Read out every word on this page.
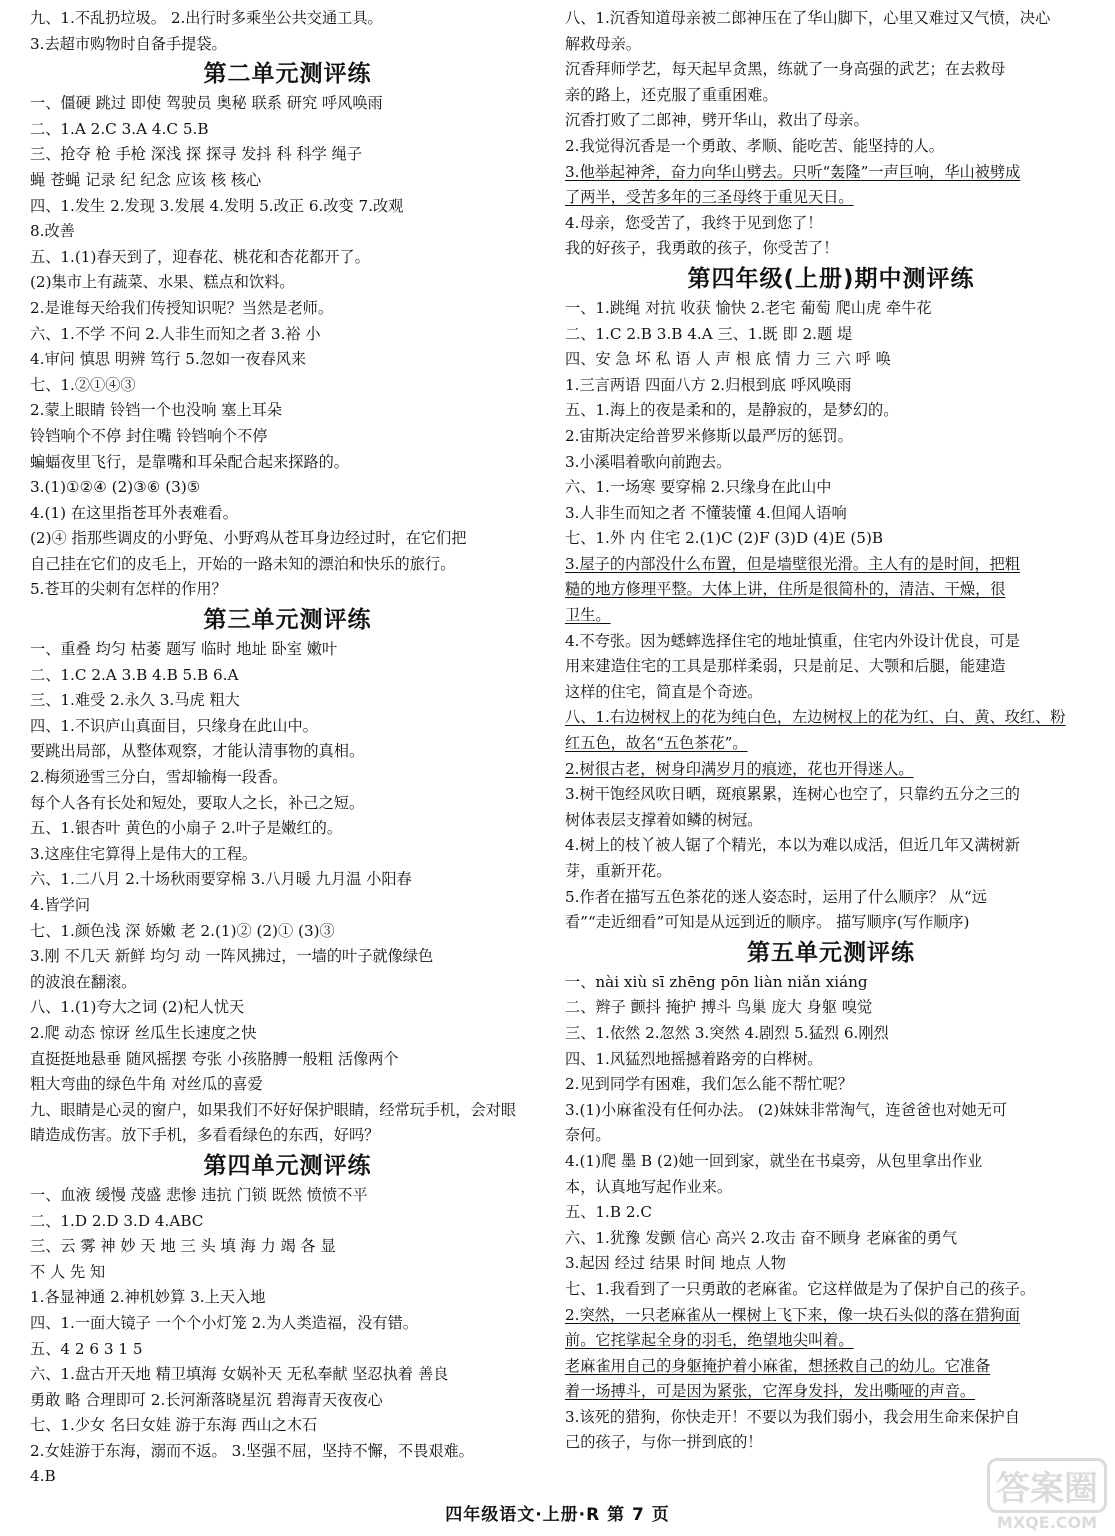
九、1.不乱扔垃圾。 2.出行时多乘坐公共交通工具。
3.去超市购物时自备手提袋。
第二单元测评练
一、僵硬 跳过 即使 驾驶员 奥秘 联系 研究 呼风唤雨
二、1.A 2.C 3.A 4.C 5.B
三、抢夺 枪 手枪 深浅 探 探寻 发抖 科 科学 绳子
蝇 苍蝇 记录 纪 纪念 应该 核 核心
四、1.发生 2.发现 3.发展 4.发明 5.改正 6.改变 7.改观
8.改善
五、1.(1)春天到了，迎春花、桃花和杏花都开了。
(2)集市上有蔬菜、水果、糕点和饮料。
2.是谁每天给我们传授知识呢？当然是老师。
六、1.不学 不问 2.人非生而知之者 3.裕 小
4.审问 慎思 明辨 笃行 5.忽如一夜春风来
七、1.②①④③
2.蒙上眼睛 铃铛一个也没响 塞上耳朵
铃铛响个不停 封住嘴 铃铛响个不停
蝙蝠夜里飞行，是靠嘴和耳朵配合起来探路的。
3.(1)①②④ (2)③⑥ (3)⑤
4.(1) 在这里指苍耳外表难看。
(2)④ 指那些调皮的小野兔、小野鸡从苍耳身边经过时，在它们把
自己挂在它们的皮毛上，开始的一路未知的漂泊和快乐的旅行。
5.苍耳的尖刺有怎样的作用？
第三单元测评练
一、重叠 均匀 枯萎 题写 临时 地址 卧室 嫩叶
二、1.C 2.A 3.B 4.B 5.B 6.A
三、1.难受 2.永久 3.马虎 粗大
四、1.不识庐山真面目，只缘身在此山中。
要跳出局部，从整体观察，才能认清事物的真相。
2.梅须逊雪三分白，雪却输梅一段香。
每个人各有长处和短处，要取人之长，补己之短。
五、1.银杏叶 黄色的小扇子 2.叶子是嫩红的。
3.这座住宅算得上是伟大的工程。
六、1.二八月 2.十场秋雨要穿棉 3.八月暖 九月温 小阳春
4.皆学问
七、1.颜色浅 深 娇嫩 老 2.(1)② (2)① (3)③
3.刚 不几天 新鲜 均匀 动 一阵风拂过，一墙的叶子就像绿色
的波浪在翻滚。
八、1.(1)夸大之词 (2)杞人忧天
2.爬 动态 惊讶 丝瓜生长速度之快
直挺挺地悬垂 随风摇摆 夸张 小孩胳膊一般粗 活像两个
粗大弯曲的绿色牛角 对丝瓜的喜爱
九、眼睛是心灵的窗户，如果我们不好好保护眼睛，经常玩手机，会对眼
睛造成伤害。放下手机，多看看绿色的东西，好吗？
第四单元测评练
一、血液 缓慢 茂盛 悲惨 违抗 门锁 既然 愤愤不平
二、1.D 2.D 3.D 4.ABC
三、云 雾 神 妙 天 地 三 头 填 海 力 竭 各 显
不 人 先 知
1.各显神通 2.神机妙算 3.上天入地
四、1.一面大镜子 一个个小灯笼 2.为人类造福，没有错。
五、4 2 6 3 1 5
六、1.盘古开天地 精卫填海 女娲补天 无私奉献 坚忍执着 善良
勇敢 略 合理即可 2.长河渐落晓星沉 碧海青天夜夜心
七、1.少女 名曰女娃 游于东海 西山之木石
2.女娃游于东海，溺而不返。 3.坚强不屈，坚持不懈，不畏艰难。
4.B
八、1.沉香知道母亲被二郎神压在了华山脚下，心里又难过又气愤，决心
解救母亲。
沉香拜师学艺，每天起早贪黑，练就了一身高强的武艺；在去救母
亲的路上，还克服了重重困难。
沉香打败了二郎神，劈开华山，救出了母亲。
2.我觉得沉香是一个勇敢、孝顺、能吃苦、能坚持的人。
3.他举起神斧，奋力向华山劈去。只听“轰隆”一声巨响，华山被劈成
了两半，受苦多年的三圣母终于重见天日。
4.母亲，您受苦了，我终于见到您了！
我的好孩子，我勇敢的孩子，你受苦了！
第四年级(上册)期中测评练
一、1.跳绳 对抗 收获 愉快 2.老宅 葡萄 爬山虎 牵牛花
二、1.C 2.B 3.B 4.A 三、1.既 即 2.题 堤
四、安 急 坏 私 语 人 声 根 底 情 力 三 六 呼 唤
1.三言两语 四面八方 2.归根到底 呼风唤雨
五、1.海上的夜是柔和的，是静寂的，是梦幻的。
2.宙斯决定给普罗米修斯以最严厉的惩罚。
3.小溪唱着歌向前跑去。
六、1.一场寒 要穿棉 2.只缘身在此山中
3.人非生而知之者 不懂装懂 4.但闻人语响
七、1.外 内 住宅 2.(1)C (2)F (3)D (4)E (5)B
3.屋子的内部没什么布置，但是墙壁很光滑。主人有的是时间，把粗
糙的地方修理平整。大体上讲，住所是很简朴的，清洁、干燥，很
卫生。
4.不夸张。因为蟋蟀选择住宅的地址慎重，住宅内外设计优良，可是
用来建造住宅的工具是那样柔弱，只是前足、大颚和后腿，能建造
这样的住宅，简直是个奇迹。
八、1.右边树杈上的花为纯白色，左边树杈上的花为红、白、黄、玫红、粉
红五色，故名“五色茶花”。
2.树很古老，树身印满岁月的痕迹，花也开得迷人。
3.树干饱经风吹日晒，斑痕累累，连树心也空了，只靠约五分之三的
树体表层支撑着如鳞的树冠。
4.树上的枝丫被人锯了个精光，本以为难以成活，但近几年又满树新
芽，重新开花。
5.作者在描写五色茶花的迷人姿态时，运用了什么顺序？ 从“远
看”“走近细看”可知是从远到近的顺序。 描写顺序(写作顺序)
第五单元测评练
一、nài xiù sī zhēng pōn liàn niǎn xiáng
二、辫子 颤抖 掩护 搏斗 鸟巢 庞大 身躯 嗅觉
三、1.依然 2.忽然 3.突然 4.剧烈 5.猛烈 6.刚烈
四、1.风猛烈地摇撼着路旁的白桦树。
2.见到同学有困难，我们怎么能不帮忙呢？
3.(1)小麻雀没有任何办法。 (2)妹妹非常淘气，连爸爸也对她无可
奈何。
4.(1)爬 墨 B (2)她一回到家，就坐在书桌旁，从包里拿出作业
本，认真地写起作业来。
五、1.B 2.C
六、1.犹豫 发颤 信心 高兴 2.攻击 奋不顾身 老麻雀的勇气
3.起因 经过 结果 时间 地点 人物
七、1.我看到了一只勇敢的老麻雀。它这样做是为了保护自己的孩子。
2.突然，一只老麻雀从一棵树上飞下来，像一块石头似的落在猎狗面
前。它挓挲起全身的羽毛，绝望地尖叫着。
老麻雀用自己的身躯掩护着小麻雀，想拯救自己的幼儿。它准备
着一场搏斗，可是因为紧张，它浑身发抖，发出嘶哑的声音。
3.该死的猎狗，你快走开！不要以为我们弱小，我会用生命来保护自
己的孩子，与你一拼到底的！
四年级语文·上册·R 第 7 页
答案圈
MXQE.COM
